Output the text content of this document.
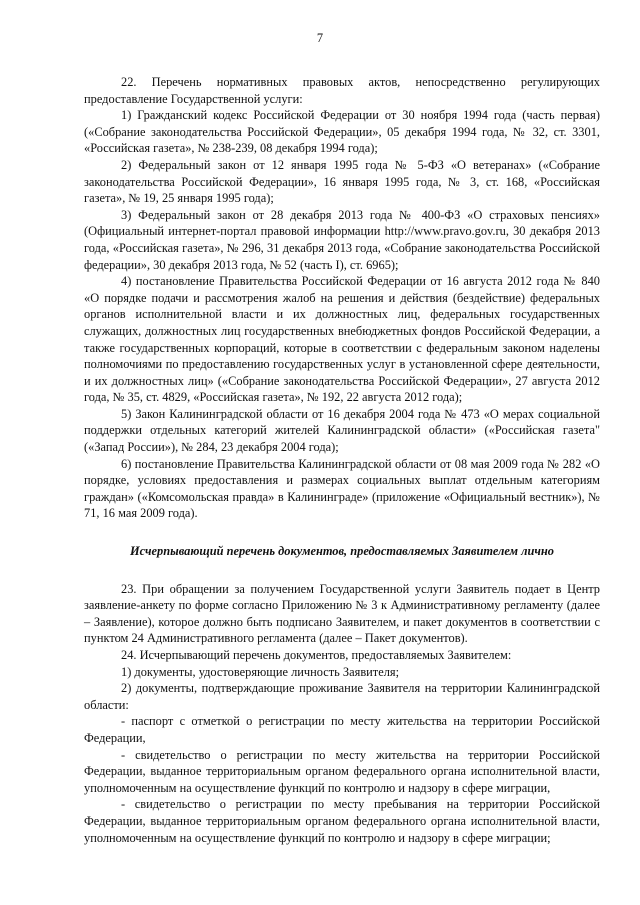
7

22. Перечень нормативных правовых актов, непосредственно регулирующих предоставление Государственной услуги:

1) Гражданский кодекс Российской Федерации от 30 ноября 1994 года (часть первая) («Собрание законодательства Российской Федерации», 05 декабря 1994 года, № 32, ст. 3301, «Российская газета», № 238-239, 08 декабря 1994 года);

2) Федеральный закон от 12 января 1995 года № 5-ФЗ «О ветеранах» («Собрание законодательства Российской Федерации», 16 января 1995 года, № 3, ст. 168, «Российская газета», № 19, 25 января 1995 года);

3) Федеральный закон от 28 декабря 2013 года № 400-ФЗ «О страховых пенсиях» (Официальный интернет-портал правовой информации http://www.pravo.gov.ru, 30 декабря 2013 года, «Российская газета», № 296, 31 декабря 2013 года, «Собрание законодательства Российской федерации», 30 декабря 2013 года, № 52 (часть I), ст. 6965);

4) постановление Правительства Российской Федерации от 16 августа 2012 года № 840 «О порядке подачи и рассмотрения жалоб на решения и действия (бездействие) федеральных органов исполнительной власти и их должностных лиц, федеральных государственных служащих, должностных лиц государственных внебюджетных фондов Российской Федерации, а также государственных корпораций, которые в соответствии с федеральным законом наделены полномочиями по предоставлению государственных услуг в установленной сфере деятельности, и их должностных лиц» («Собрание законодательства Российской Федерации», 27 августа 2012 года, № 35, ст. 4829, «Российская газета», № 192, 22 августа 2012 года);

5) Закон Калининградской области от 16 декабря 2004 года № 473 «О мерах социальной поддержки отдельных категорий жителей Калининградской области» («Российская газета" («Запад России»), № 284, 23 декабря 2004 года);

6) постановление Правительства Калининградской области от 08 мая 2009 года № 282 «О порядке, условиях предоставления и размерах социальных выплат отдельным категориям граждан» («Комсомольская правда» в Калининграде» (приложение «Официальный вестник»), № 71, 16 мая 2009 года).

Исчерпывающий перечень документов, предоставляемых Заявителем лично

23. При обращении за получением Государственной услуги Заявитель подает в Центр заявление-анкету по форме согласно Приложению № 3 к Административному регламенту (далее – Заявление), которое должно быть подписано Заявителем, и пакет документов в соответствии с пунктом 24 Административного регламента (далее – Пакет документов).

24. Исчерпывающий перечень документов, предоставляемых Заявителем:

1) документы, удостоверяющие личность Заявителя;

2) документы, подтверждающие проживание Заявителя на территории Калининградской области:

- паспорт с отметкой о регистрации по месту жительства на территории Российской Федерации,

- свидетельство о регистрации по месту жительства на территории Российской Федерации, выданное территориальным органом федерального органа исполнительной власти, уполномоченным на осуществление функций по контролю и надзору в сфере миграции,

- свидетельство о регистрации по месту пребывания на территории Российской Федерации, выданное территориальным органом федерального органа исполнительной власти, уполномоченным на осуществление функций по контролю и надзору в сфере миграции;
